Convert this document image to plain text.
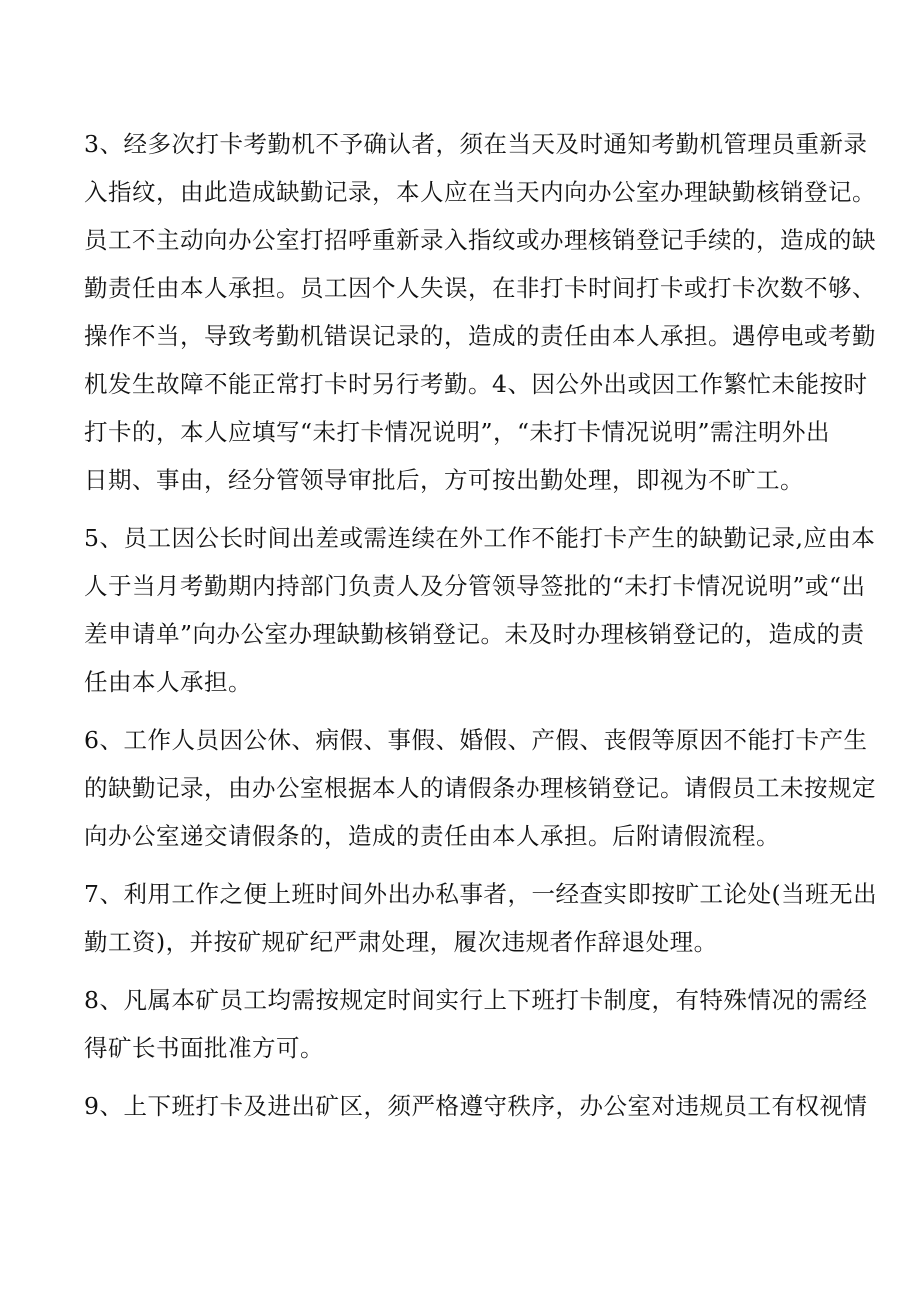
3、经多次打卡考勤机不予确认者，须在当天及时通知考勤机管理员重新录
入指纹，由此造成缺勤记录，本人应在当天内向办公室办理缺勤核销登记。
员工不主动向办公室打招呼重新录入指纹或办理核销登记手续的，造成的缺
勤责任由本人承担。员工因个人失误，在非打卡时间打卡或打卡次数不够、
操作不当，导致考勤机错误记录的，造成的责任由本人承担。遇停电或考勤
机发生故障不能正常打卡时另行考勤。4、因公外出或因工作繁忙未能按时
打卡的，本人应填写“未打卡情况说明”，“未打卡情况说明”需注明外出
日期、事由，经分管领导审批后，方可按出勤处理，即视为不旷工。
5、员工因公长时间出差或需连续在外工作不能打卡产生的缺勤记录,应由本
人于当月考勤期内持部门负责人及分管领导签批的“未打卡情况说明”或“出
差申请单”向办公室办理缺勤核销登记。未及时办理核销登记的，造成的责
任由本人承担。
6、工作人员因公休、病假、事假、婚假、产假、丧假等原因不能打卡产生
的缺勤记录，由办公室根据本人的请假条办理核销登记。请假员工未按规定
向办公室递交请假条的，造成的责任由本人承担。后附请假流程。
7、利用工作之便上班时间外出办私事者，一经查实即按旷工论处(当班无出
勤工资)，并按矿规矿纪严肃处理，履次违规者作辞退处理。
8、凡属本矿员工均需按规定时间实行上下班打卡制度，有特殊情况的需经
得矿长书面批准方可。
9、上下班打卡及进出矿区，须严格遵守秩序，办公室对违规员工有权视情
